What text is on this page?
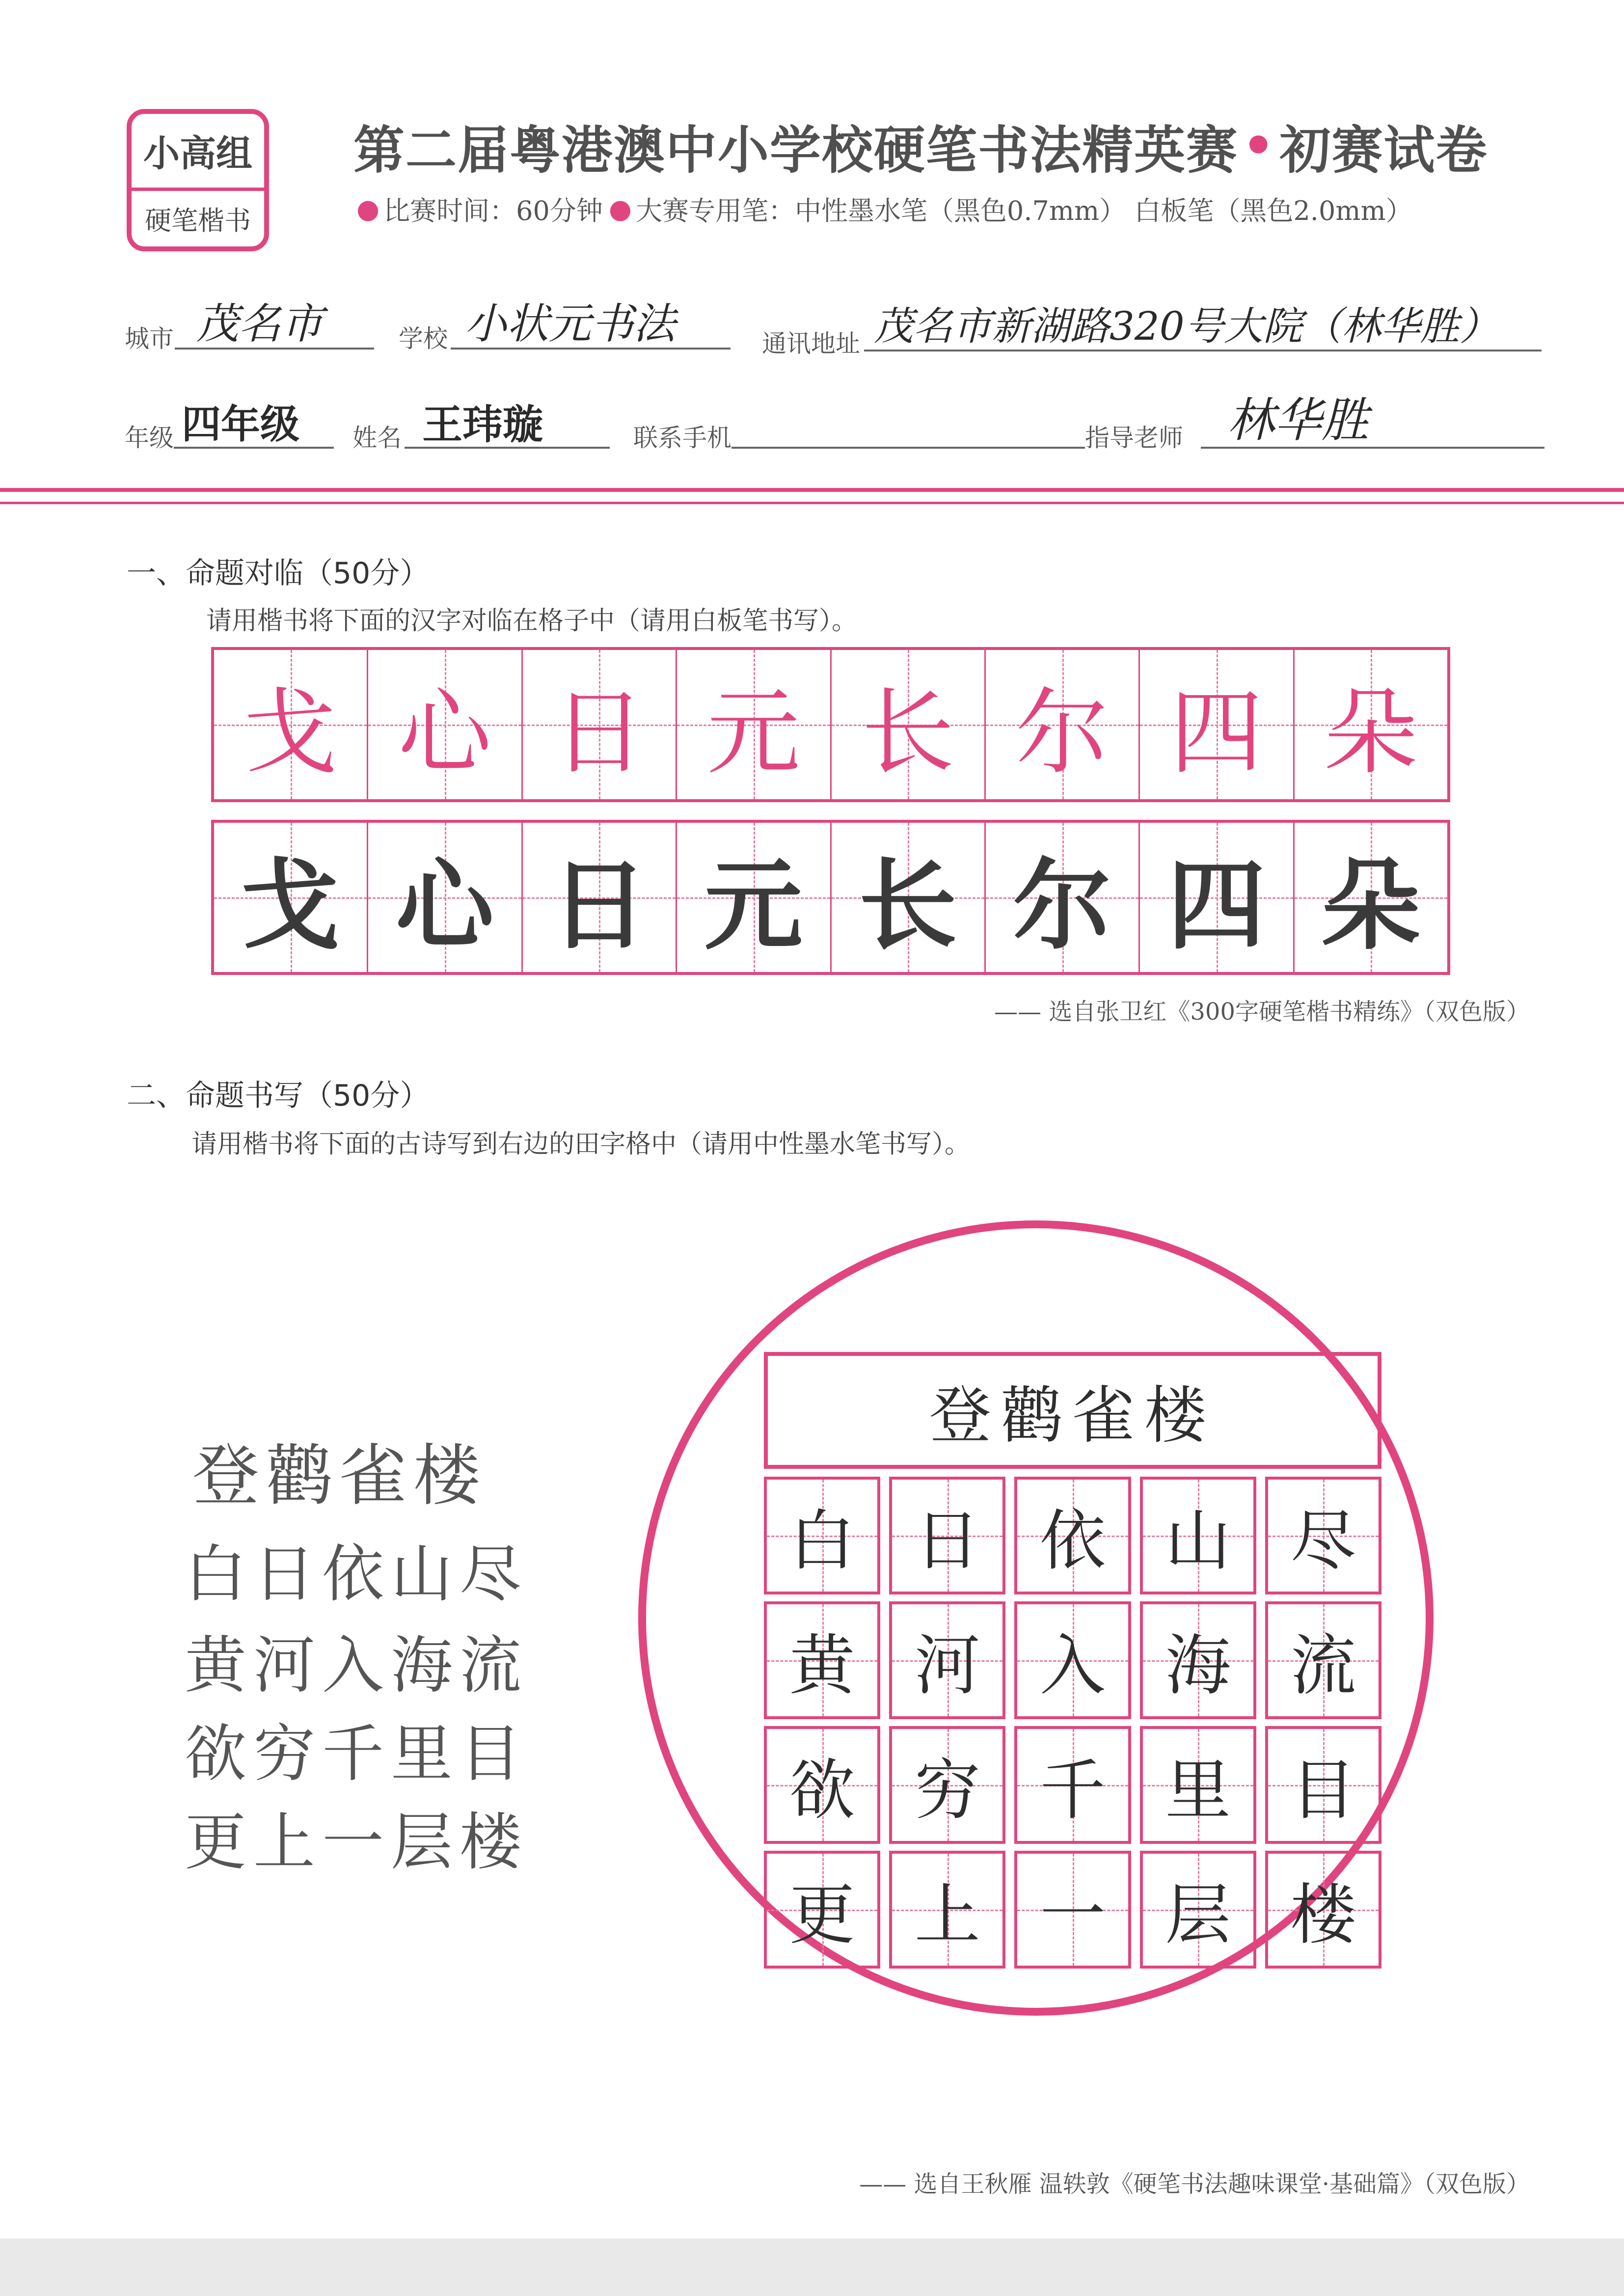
小高组
硬笔楷书
第二届粤港澳中小学校硬笔书法精英赛 • 初赛试卷
● 比赛时间：60分钟 ● 大赛专用笔：中性墨水笔（黑色0.7mm） 白板笔（黑色2.0mm）
城市 茂名市	学校 小状元书法	通讯地址 茂名市新湖路320号大院（林华胜）
年级 四年级 姓名 王玮璇	联系手机	指导老师 林华胜
一、命题对临（50分）
请用楷书将下面的汉字对临在格子中（请用白板笔书写）。
戈 心 日 元 长 尔 四 朵
戈 心 日 元 长 尔 四 朵
—— 选自张卫红《300字硬笔楷书精练》（双色版）
二、命题书写（50分）
请用楷书将下面的古诗写到右边的田字格中（请用中性墨水笔书写）。
登鹳雀楼
白日依山尽
黄河入海流
欲穷千里目
更上一层楼
登鹳雀楼
白 日 依 山 尽
黄 河 入 海 流
欲 穷 千 里 目
更 上 一 层 楼
—— 选自王秋雁 温轶敦《硬笔书法趣味课堂·基础篇》（双色版）
